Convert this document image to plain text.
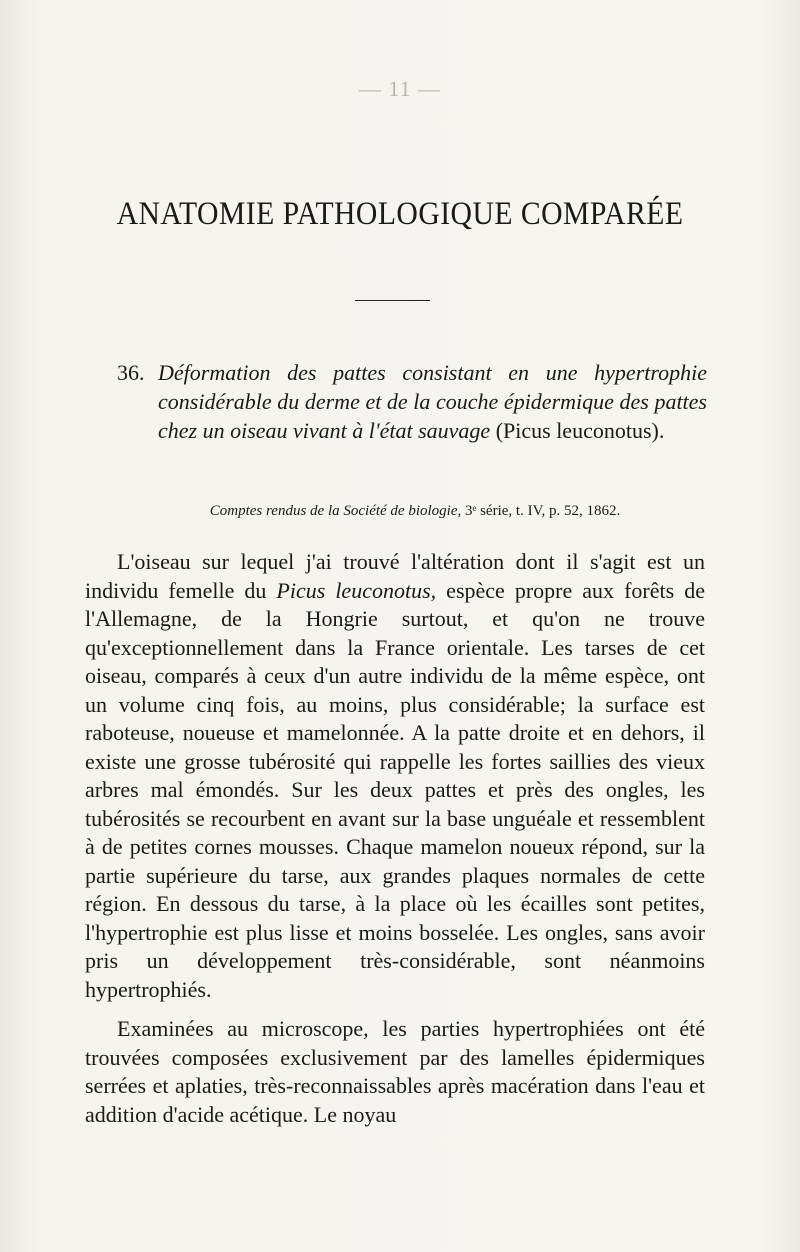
— 11 —
ANATOMIE PATHOLOGIQUE COMPARÉE
36. Déformation des pattes consistant en une hypertrophie considérable du derme et de la couche épidermique des pattes chez un oiseau vivant à l'état sauvage (Picus leuconotus).
Comptes rendus de la Société de biologie, 3ᵉ série, t. IV, p. 52, 1862.

L'oiseau sur lequel j'ai trouvé l'altération dont il s'agit est un individu femelle du Picus leuconotus, espèce propre aux forêts de l'Allemagne, de la Hongrie surtout, et qu'on ne trouve qu'exceptionnellement dans la France orientale. Les tarses de cet oiseau, comparés à ceux d'un autre individu de la même espèce, ont un volume cinq fois, au moins, plus considérable; la surface est raboteuse, noueuse et mamelonnée. A la patte droite et en dehors, il existe une grosse tubérosité qui rappelle les fortes saillies des vieux arbres mal émondés. Sur les deux pattes et près des ongles, les tubérosités se recourbent en avant sur la base unguéale et ressemblent à de petites cornes mousses. Chaque mamelon noueux répond, sur la partie supérieure du tarse, aux grandes plaques normales de cette région. En dessous du tarse, à la place où les écailles sont petites, l'hypertrophie est plus lisse et moins bosselée. Les ongles, sans avoir pris un développement très-considérable, sont néanmoins hypertrophiés.

Examinées au microscope, les parties hypertrophiées ont été trouvées composées exclusivement par des lamelles épidermiques serrées et aplaties, très-reconnaissables après macération dans l'eau et addition d'acide acétique. Le noyau
